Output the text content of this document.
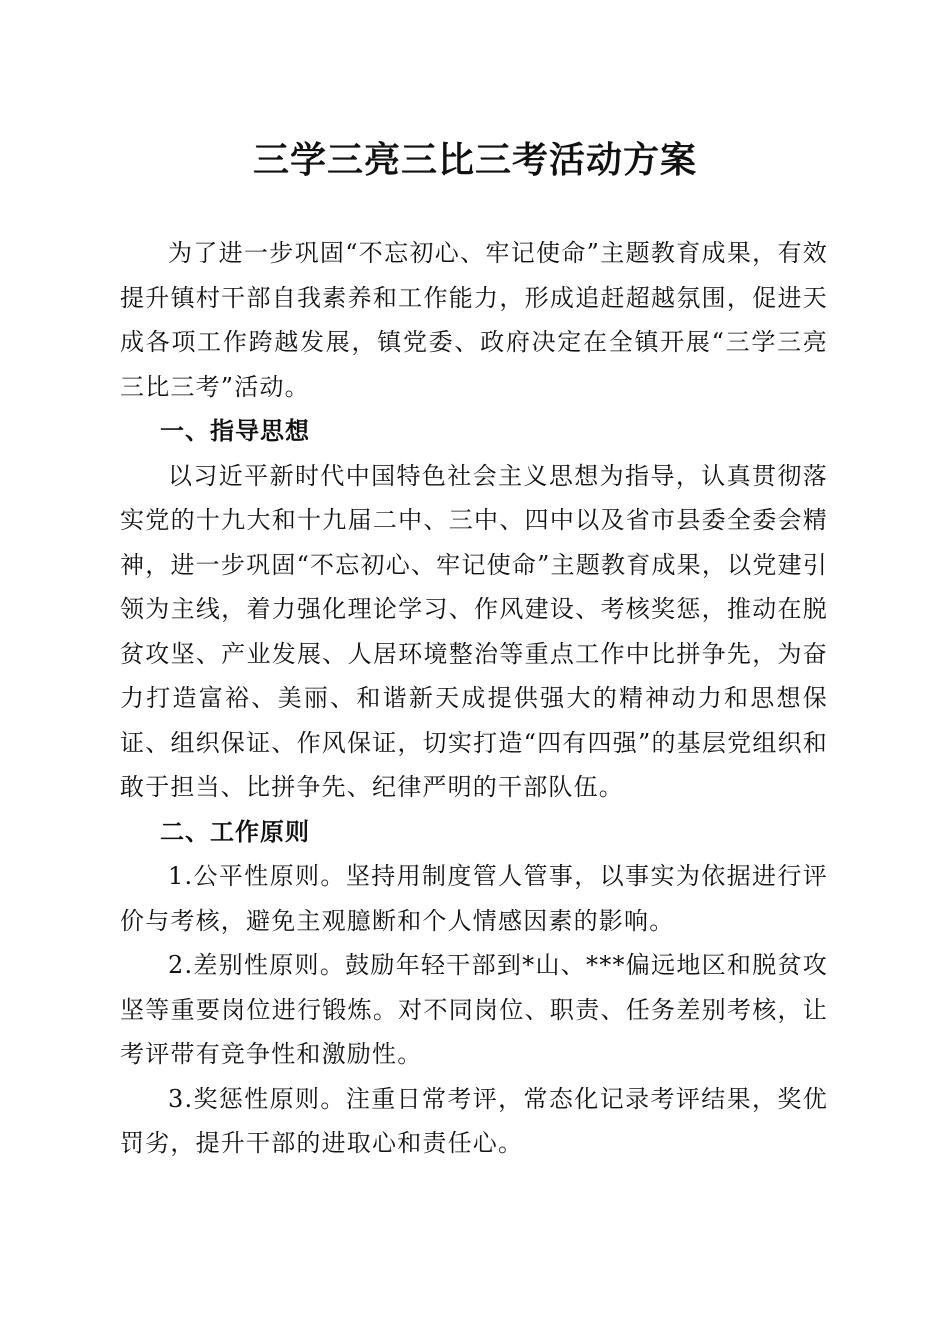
三学三亮三比三考活动方案

为了进一步巩固“不忘初心、牢记使命”主题教育成果，有效提升镇村干部自我素养和工作能力，形成追赶超越氛围，促进天成各项工作跨越发展，镇党委、政府决定在全镇开展“三学三亮三比三考”活动。

一、指导思想

以习近平新时代中国特色社会主义思想为指导，认真贯彻落实党的十九大和十九届二中、三中、四中以及省市县委全委会精神，进一步巩固“不忘初心、牢记使命”主题教育成果，以党建引领为主线，着力强化理论学习、作风建设、考核奖惩，推动在脱贫攻坚、产业发展、人居环境整治等重点工作中比拼争先，为奋力打造富裕、美丽、和谐新天成提供强大的精神动力和思想保证、组织保证、作风保证，切实打造“四有四强”的基层党组织和敢于担当、比拼争先、纪律严明的干部队伍。

二、工作原则

1.公平性原则。坚持用制度管人管事，以事实为依据进行评价与考核，避免主观臆断和个人情感因素的影响。

2.差别性原则。鼓励年轻干部到*山、***偏远地区和脱贫攻坚等重要岗位进行锻炼。对不同岗位、职责、任务差别考核，让考评带有竞争性和激励性。

3.奖惩性原则。注重日常考评，常态化记录考评结果，奖优罚劣，提升干部的进取心和责任心。
